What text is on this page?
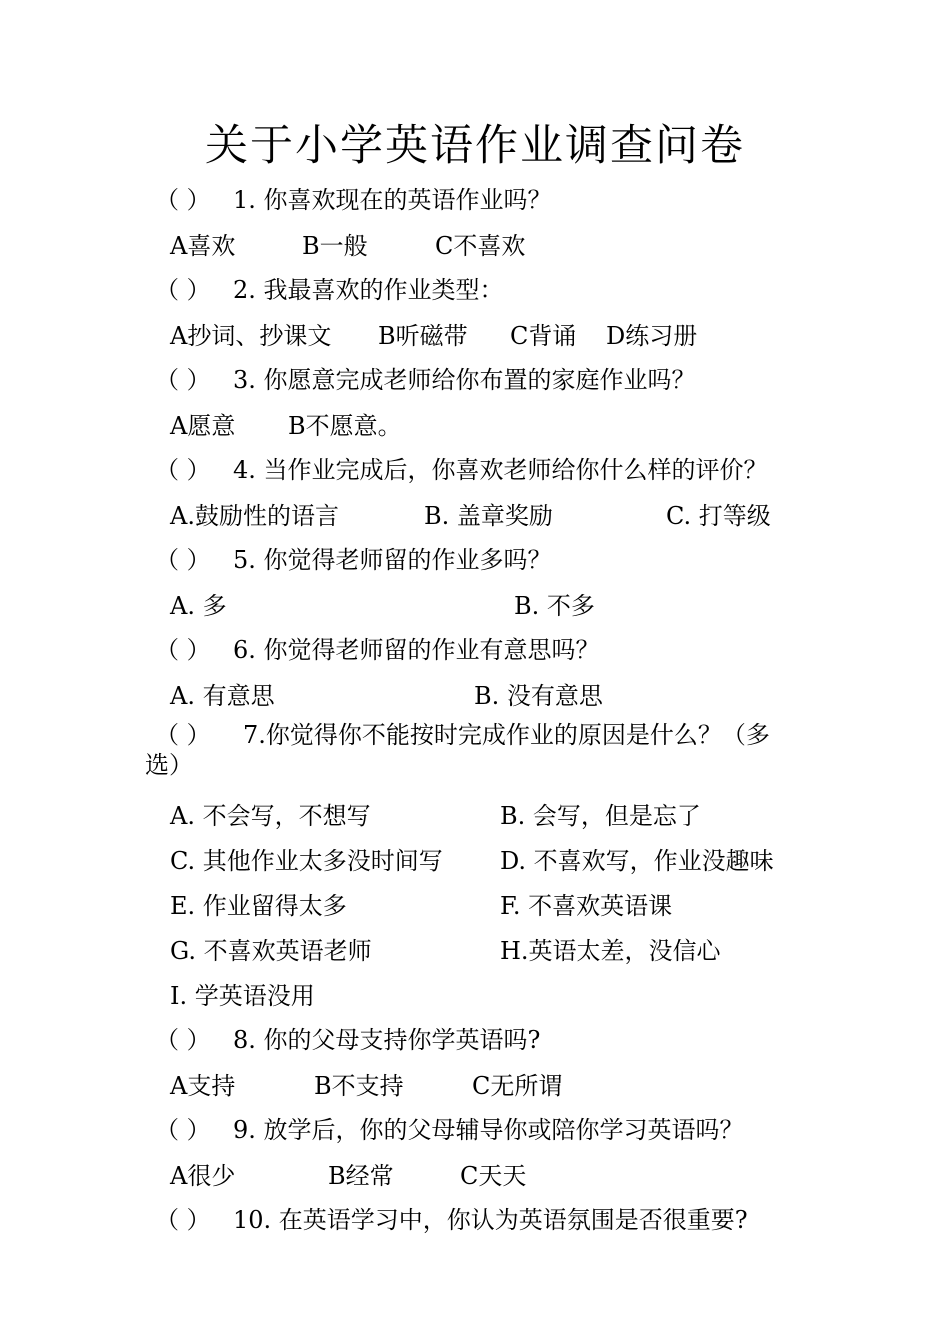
关于小学英语作业调查问卷
（ ） 1. 你喜欢现在的英语作业吗？
A喜欢	B一般	C不喜欢
（ ） 2. 我最喜欢的作业类型：
A抄词、抄课文 B听磁带 C背诵 D练习册
（ ） 3. 你愿意完成老师给你布置的家庭作业吗？
A愿意 B不愿意。
（ ） 4. 当作业完成后，你喜欢老师给你什么样的评价？
A.鼓励性的语言	B. 盖章奖励	C. 打等级
（ ） 5. 你觉得老师留的作业多吗？
A. 多	B. 不多
（ ） 6. 你觉得老师留的作业有意思吗？
A. 有意思	B. 没有意思
（ ） 7.你觉得你不能按时完成作业的原因是什么？（多选）
A. 不会写，不想写	B. 会写，但是忘了
C. 其他作业太多没时间写 D. 不喜欢写，作业没趣味
E. 作业留得太多	F. 不喜欢英语课
G. 不喜欢英语老师	H.英语太差，没信心
I. 学英语没用
（ ） 8. 你的父母支持你学英语吗?
A支持	B不支持	C无所谓
（ ） 9. 放学后，你的父母辅导你或陪你学习英语吗？
A很少	B经常	C天天
（ ） 10. 在英语学习中，你认为英语氛围是否很重要?
